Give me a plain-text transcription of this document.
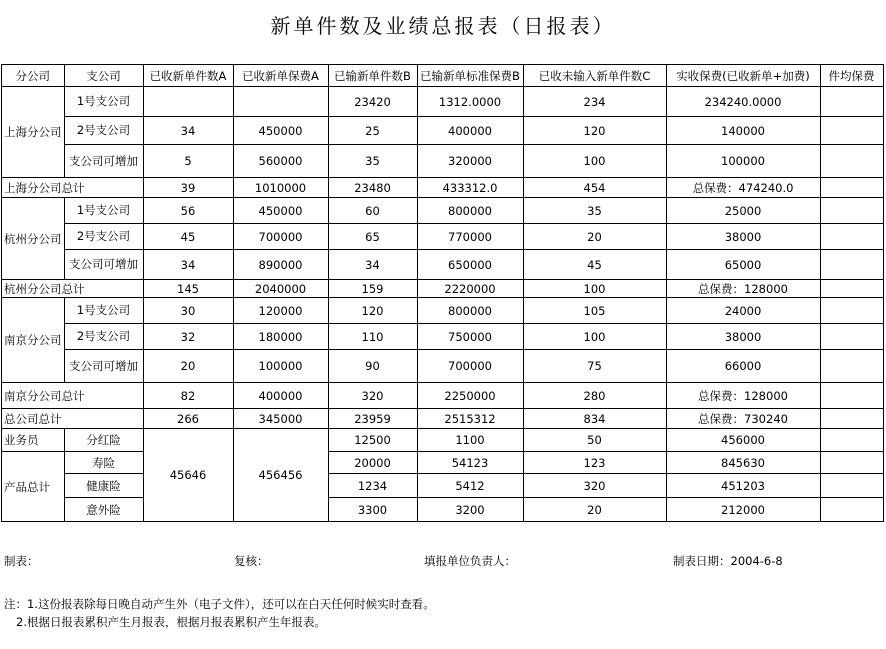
新单件数及业绩总报表（日报表）
分公司	支公司	已收新单件数A	已收新单保费A	已输新单件数B	已输新单标准保费B	已收未输入新单件数C	实收保费(已收新单+加费)	件均保费
上海分公司	1号支公司			23420	1312.0000	234	234240.0000	
	2号支公司	34	450000	25	400000	120	140000	
	支公司可增加	5	560000	35	320000	100	100000	
上海分公司总计		39	1010000	23480	433312.0	454	总保费：474240.0	
杭州分公司	1号支公司	56	450000	60	800000	35	25000	
	2号支公司	45	700000	65	770000	20	38000	
	支公司可增加	34	890000	34	650000	45	65000	
杭州分公司总计		145	2040000	159	2220000	100	总保费：128000	
南京分公司	1号支公司	30	120000	120	800000	105	24000	
	2号支公司	32	180000	110	750000	100	38000	
	支公司可增加	20	100000	90	700000	75	66000	
南京分公司总计		82	400000	320	2250000	280	总保费：128000	
总公司总计		266	345000	23959	2515312	834	总保费：730240	
业务员	分红险	45646	456456	12500	1100	50	456000	
产品总计	寿险			20000	54123	123	845630	
	健康险			1234	5412	320	451203	
	意外险			3300	3200	20	212000	
制表：	复核：	填报单位负责人：	制表日期：2004-6-8
注：1.这份报表除每日晚自动产生外（电子文件），还可以在白天任何时候实时查看。
2.根据日报表累积产生月报表，根据月报表累积产生年报表。
